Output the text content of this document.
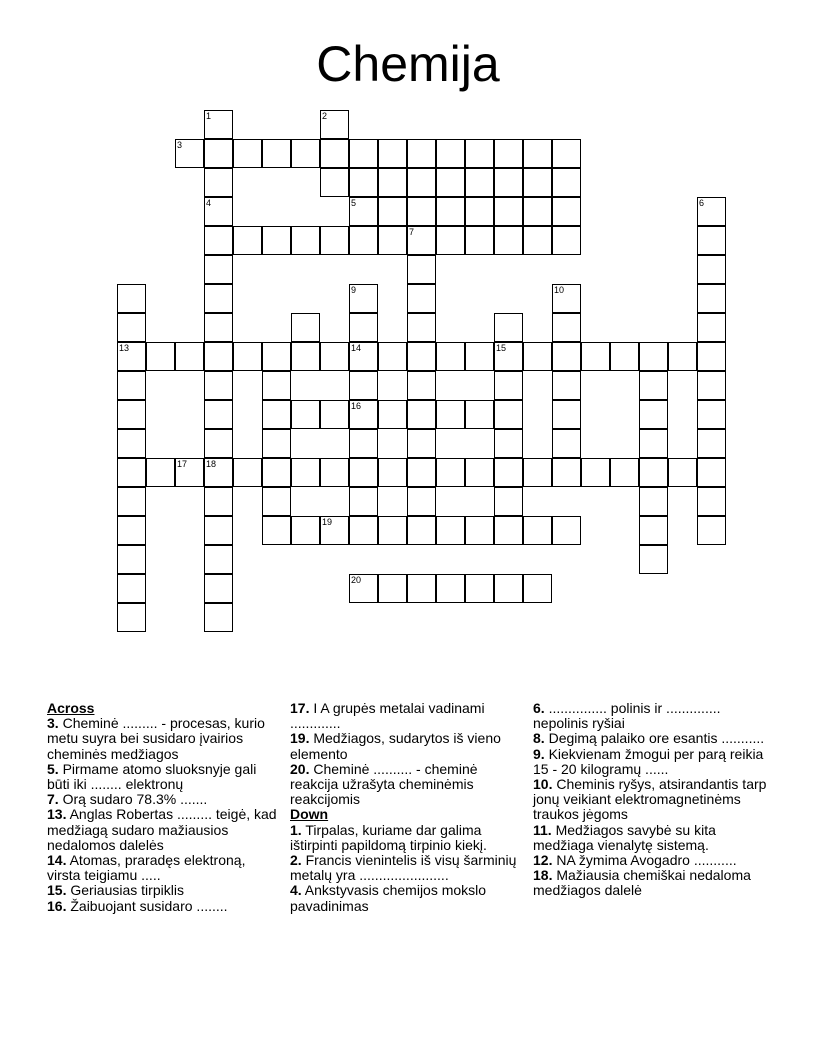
Chemija
1	2
3
4	5	6
7
9	10
13	14	15
16
17 18
19
20
Across
3. Cheminė ......... - procesas, kurio metu suyra bei susidaro įvairios cheminės medžiagos
5. Pirmame atomo sluoksnyje gali būti iki ........ elektronų
7. Orą sudaro 78.3% .......
13. Anglas Robertas ......... teigė, kad medžiagą sudaro mažiausios nedalomos dalelės
14. Atomas, praradęs elektroną, virsta teigiamu .....
15. Geriausias tirpiklis
16. Žaibuojant susidaro ........
17. I A grupės metalai vadinami .............
19. Medžiagos, sudarytos iš vieno elemento
20. Cheminė .......... - cheminė reakcija užrašyta cheminėmis reakcijomis
Down
1. Tirpalas, kuriame dar galima ištirpinti papildomą tirpinio kiekį.
2. Francis vienintelis iš visų šarminių metalų yra .......................
4. Ankstyvasis chemijos mokslo pavadinimas
6. ............... polinis ir .............. nepolinis ryšiai
8. Degimą palaiko ore esantis ...........
9. Kiekvienam žmogui per parą reikia 15 - 20 kilogramų ......
10. Cheminis ryšys, atsirandantis tarp jonų veikiant elektromagnetinėms traukos jėgoms
11. Medžiagos savybė su kita medžiaga vienalytę sistemą.
12. NA žymima Avogadro ...........
18. Mažiausia chemiškai nedaloma medžiagos dalelė
